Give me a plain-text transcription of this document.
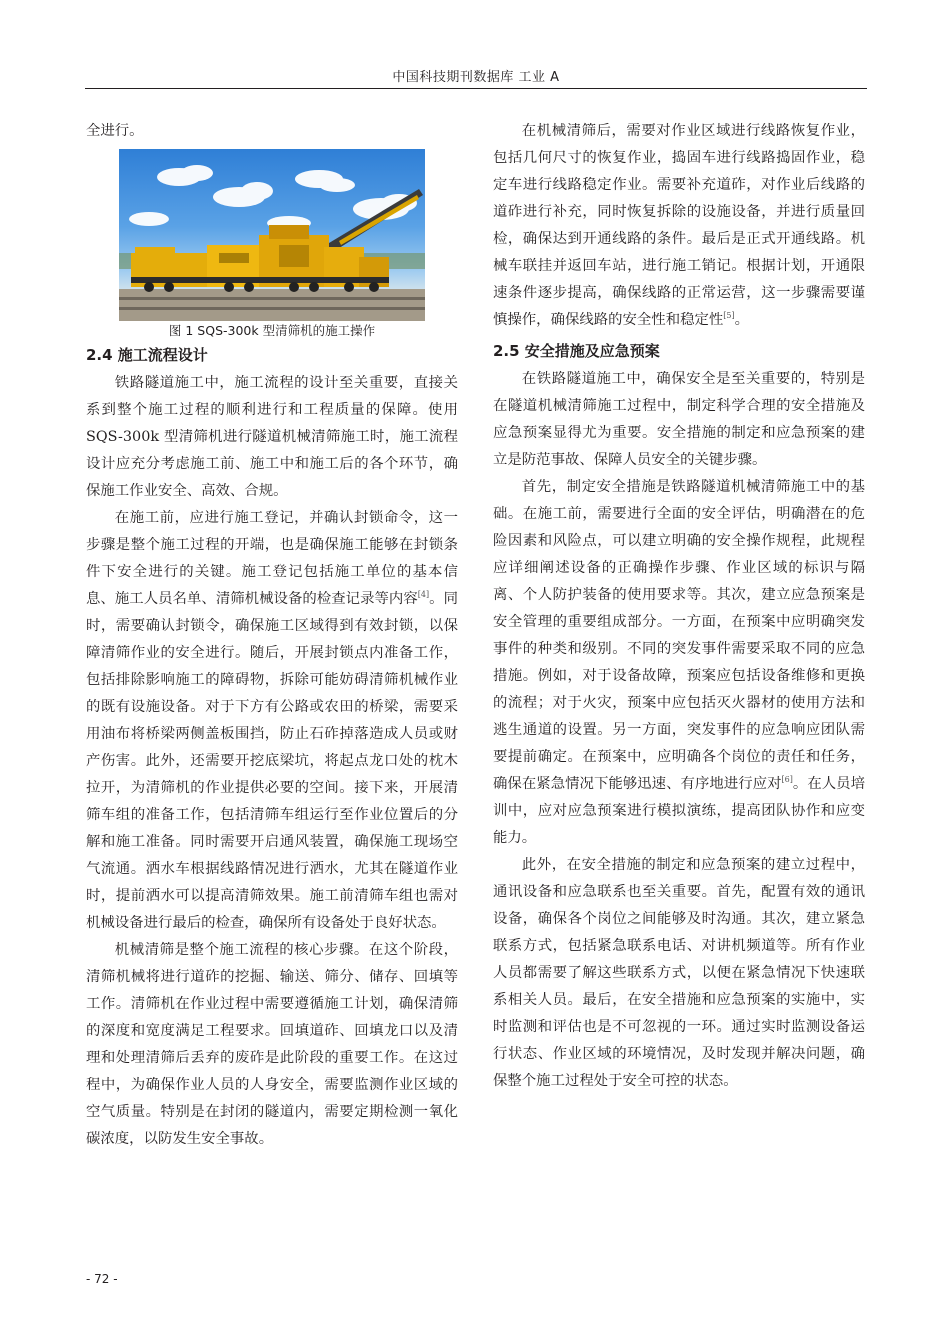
中国科技期刊数据库 工业 A

全进行。

图 1 SQS-300k 型清筛机的施工操作
2.4 施工流程设计

铁路隧道施工中，施工流程的设计至关重要，直接关系到整个施工过程的顺利进行和工程质量的保障。使用 SQS-300k 型清筛机进行隧道机械清筛施工时，施工流程设计应充分考虑施工前、施工中和施工后的各个环节，确保施工作业安全、高效、合规。

在施工前，应进行施工登记，并确认封锁命令，这一步骤是整个施工过程的开端，也是确保施工能够在封锁条件下安全进行的关键。施工登记包括施工单位的基本信息、施工人员名单、清筛机械设备的检查记录等内容[4]。同时，需要确认封锁令，确保施工区域得到有效封锁，以保障清筛作业的安全进行。随后，开展封锁点内准备工作，包括排除影响施工的障碍物，拆除可能妨碍清筛机械作业的既有设施设备。对于下方有公路或农田的桥梁，需要采用油布将桥梁两侧盖板围挡，防止石砟掉落造成人员或财产伤害。此外，还需要开挖底梁坑，将起点龙口处的枕木拉开，为清筛机的作业提供必要的空间。接下来，开展清筛车组的准备工作，包括清筛车组运行至作业位置后的分解和施工准备。同时需要开启通风装置，确保施工现场空气流通。洒水车根据线路情况进行洒水，尤其在隧道作业时，提前洒水可以提高清筛效果。施工前清筛车组也需对机械设备进行最后的检查，确保所有设备处于良好状态。

机械清筛是整个施工流程的核心步骤。在这个阶段，清筛机械将进行道砟的挖掘、输送、筛分、储存、回填等工作。清筛机在作业过程中需要遵循施工计划，确保清筛的深度和宽度满足工程要求。回填道砟、回填龙口以及清理和处理清筛后丢弃的废砟是此阶段的重要工作。在这过程中，为确保作业人员的人身安全，需要监测作业区域的空气质量。特别是在封闭的隧道内，需要定期检测一氧化碳浓度，以防发生安全事故。

在机械清筛后，需要对作业区域进行线路恢复作业，包括几何尺寸的恢复作业，捣固车进行线路捣固作业，稳定车进行线路稳定作业。需要补充道砟，对作业后线路的道砟进行补充，同时恢复拆除的设施设备，并进行质量回检，确保达到开通线路的条件。最后是正式开通线路。机械车联挂并返回车站，进行施工销记。根据计划，开通限速条件逐步提高，确保线路的正常运营，这一步骤需要谨慎操作，确保线路的安全性和稳定性[5]。

2.5 安全措施及应急预案

在铁路隧道施工中，确保安全是至关重要的，特别是在隧道机械清筛施工过程中，制定科学合理的安全措施及应急预案显得尤为重要。安全措施的制定和应急预案的建立是防范事故、保障人员安全的关键步骤。

首先，制定安全措施是铁路隧道机械清筛施工中的基础。在施工前，需要进行全面的安全评估，明确潜在的危险因素和风险点，可以建立明确的安全操作规程，此规程应详细阐述设备的正确操作步骤、作业区域的标识与隔离、个人防护装备的使用要求等。其次，建立应急预案是安全管理的重要组成部分。一方面，在预案中应明确突发事件的种类和级别。不同的突发事件需要采取不同的应急措施。例如，对于设备故障，预案应包括设备维修和更换的流程；对于火灾，预案中应包括灭火器材的使用方法和逃生通道的设置。另一方面，突发事件的应急响应团队需要提前确定。在预案中，应明确各个岗位的责任和任务，确保在紧急情况下能够迅速、有序地进行应对[6]。在人员培训中，应对应急预案进行模拟演练，提高团队协作和应变能力。

此外，在安全措施的制定和应急预案的建立过程中，通讯设备和应急联系也至关重要。首先，配置有效的通讯设备，确保各个岗位之间能够及时沟通。其次，建立紧急联系方式，包括紧急联系电话、对讲机频道等。所有作业人员都需要了解这些联系方式，以便在紧急情况下快速联系相关人员。最后，在安全措施和应急预案的实施中，实时监测和评估也是不可忽视的一环。通过实时监测设备运行状态、作业区域的环境情况，及时发现并解决问题，确保整个施工过程处于安全可控的状态。

- 72 -
